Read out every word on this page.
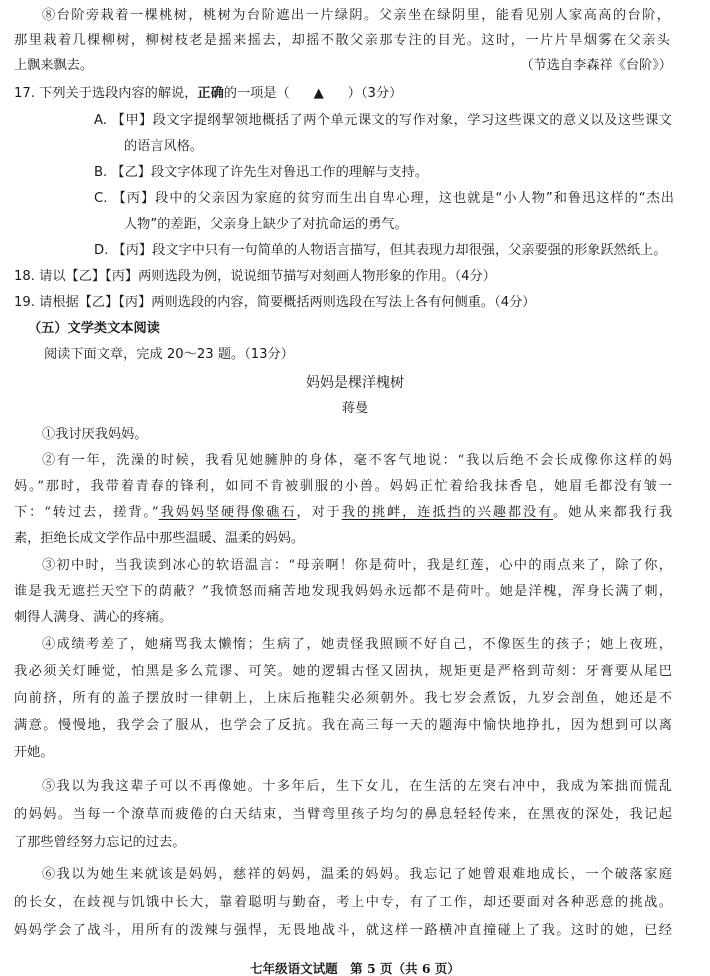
⑧台阶旁栽着一棵桃树，桃树为台阶遮出一片绿阴。父亲坐在绿阴里，能看见别人家高高的台阶，
那里栽着几棵柳树，柳树枝老是摇来摇去，却摇不散父亲那专注的目光。这时，一片片旱烟雾在父亲头
上飘来飘去。	（节选自李森祥《台阶》）
17. 下列关于选段内容的解说，正确的一项是（ ▲ ）（3分）
A. 【甲】段文字提纲挈领地概括了两个单元课文的写作对象，学习这些课文的意义以及这些课文
的语言风格。
B. 【乙】段文字体现了许先生对鲁迅工作的理解与支持。
C. 【丙】段中的父亲因为家庭的贫穷而生出自卑心理，这也就是“小人物”和鲁迅这样的“杰出
人物”的差距，父亲身上缺少了对抗命运的勇气。
D. 【丙】段文字中只有一句简单的人物语言描写，但其表现力却很强，父亲要强的形象跃然纸上。
18. 请以【乙】【丙】两则选段为例，说说细节描写对刻画人物形象的作用。（4分）
19. 请根据【乙】【丙】两则选段的内容，简要概括两则选段在写法上各有何侧重。（4分）
（五）文学类文本阅读
阅读下面文章，完成 20～23 题。（13分）
妈妈是棵洋槐树
蒋曼
①我讨厌我妈妈。
②有一年，洗澡的时候，我看见她臃肿的身体，毫不客气地说：“我以后绝不会长成像你这样的妈
妈。”那时，我带着青春的锋利，如同不肯被驯服的小兽。妈妈正忙着给我抹香皂，她眉毛都没有皱一
下：“转过去，搓背。”我妈妈坚硬得像礁石，对于我的挑衅，连抵挡的兴趣都没有。她从来都我行我
素，拒绝长成文学作品中那些温暖、温柔的妈妈。
③初中时，当我读到冰心的软语温言：“母亲啊！你是荷叶，我是红莲，心中的雨点来了，除了你，
谁是我无遮拦天空下的荫蔽？”我愤怒而痛苦地发现我妈妈永远都不是荷叶。她是洋槐，浑身长满了刺，
刺得人满身、满心的疼痛。
④成绩考差了，她痛骂我太懒惰；生病了，她责怪我照顾不好自己，不像医生的孩子；她上夜班，
我必须关灯睡觉，怕黑是多么荒谬、可笑。她的逻辑古怪又固执，规矩更是严格到苛刻：牙膏要从尾巴
向前挤，所有的盖子摆放时一律朝上，上床后拖鞋尖必须朝外。我七岁会煮饭，九岁会剖鱼，她还是不
满意。慢慢地，我学会了服从，也学会了反抗。我在高三每一天的题海中愉快地挣扎，因为想到可以离
开她。
⑤我以为我这辈子可以不再像她。十多年后，生下女儿，在生活的左突右冲中，我成为笨拙而慌乱
的妈妈。当每一个潦草而疲倦的白天结束，当臂弯里孩子均匀的鼻息轻轻传来，在黑夜的深处，我记起
了那些曾经努力忘记的过去。
⑥我以为她生来就该是妈妈，慈祥的妈妈，温柔的妈妈。我忘记了她曾艰难地成长，一个破落家庭
的长女，在歧视与饥饿中长大，靠着聪明与勤奋，考上中专，有了工作，却还要面对各种恶意的挑战。
妈妈学会了战斗，用所有的泼辣与强悍，无畏地战斗，就这样一路横冲直撞碰上了我。这时的她，已经
七年级语文试题　第 5 页（共 6 页）
